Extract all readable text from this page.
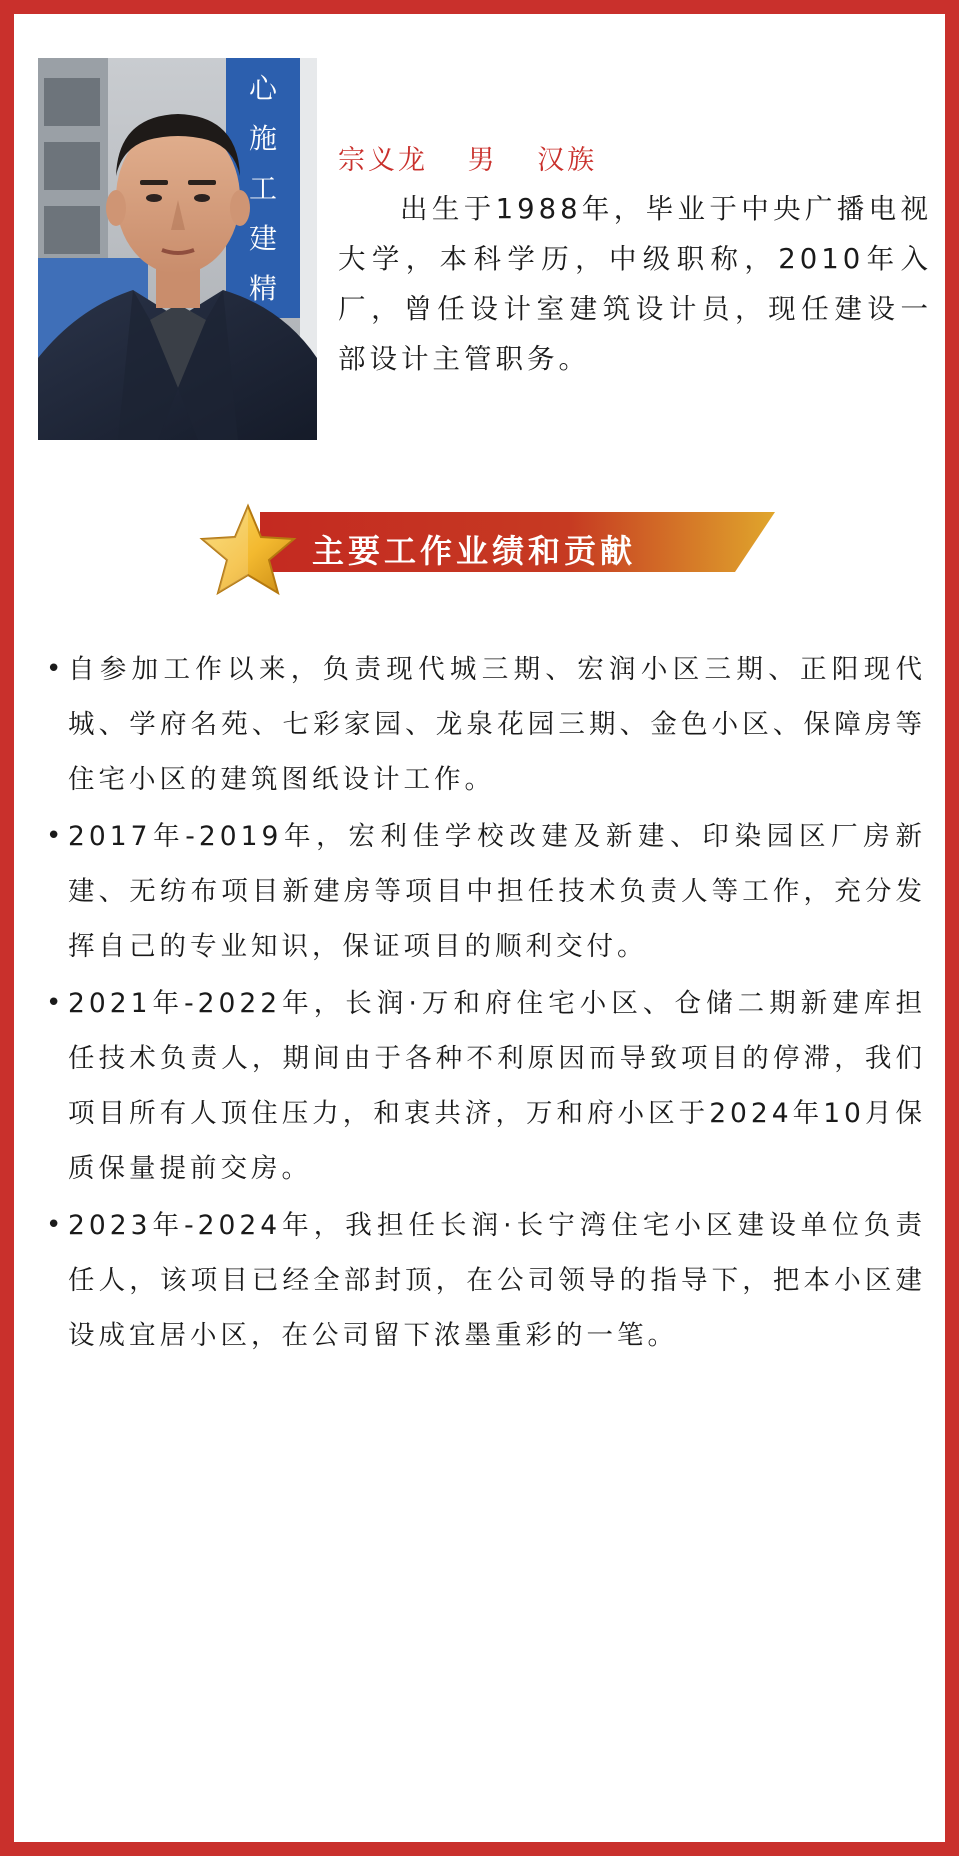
心
施
工
建
精
宗义龙 男 汉族

出生于1988年，毕业于中央广播电视大学，本科学历，中级职称，2010年入厂，曾任设计室建筑设计员，现任建设一部设计主管职务。

主要工作业绩和贡献
• 自参加工作以来，负责现代城三期、宏润小区三期、正阳现代城、学府名苑、七彩家园、龙泉花园三期、金色小区、保障房等住宅小区的建筑图纸设计工作。
• 2017年-2019年，宏利佳学校改建及新建、印染园区厂房新建、无纺布项目新建房等项目中担任技术负责人等工作，充分发挥自己的专业知识，保证项目的顺利交付。
• 2021年-2022年，长润·万和府住宅小区、仓储二期新建库担任技术负责人，期间由于各种不利原因而导致项目的停滞，我们项目所有人顶住压力，和衷共济，万和府小区于2024年10月保质保量提前交房。
• 2023年-2024年，我担任长润·长宁湾住宅小区建设单位负责任人，该项目已经全部封顶，在公司领导的指导下，把本小区建设成宜居小区，在公司留下浓墨重彩的一笔。
